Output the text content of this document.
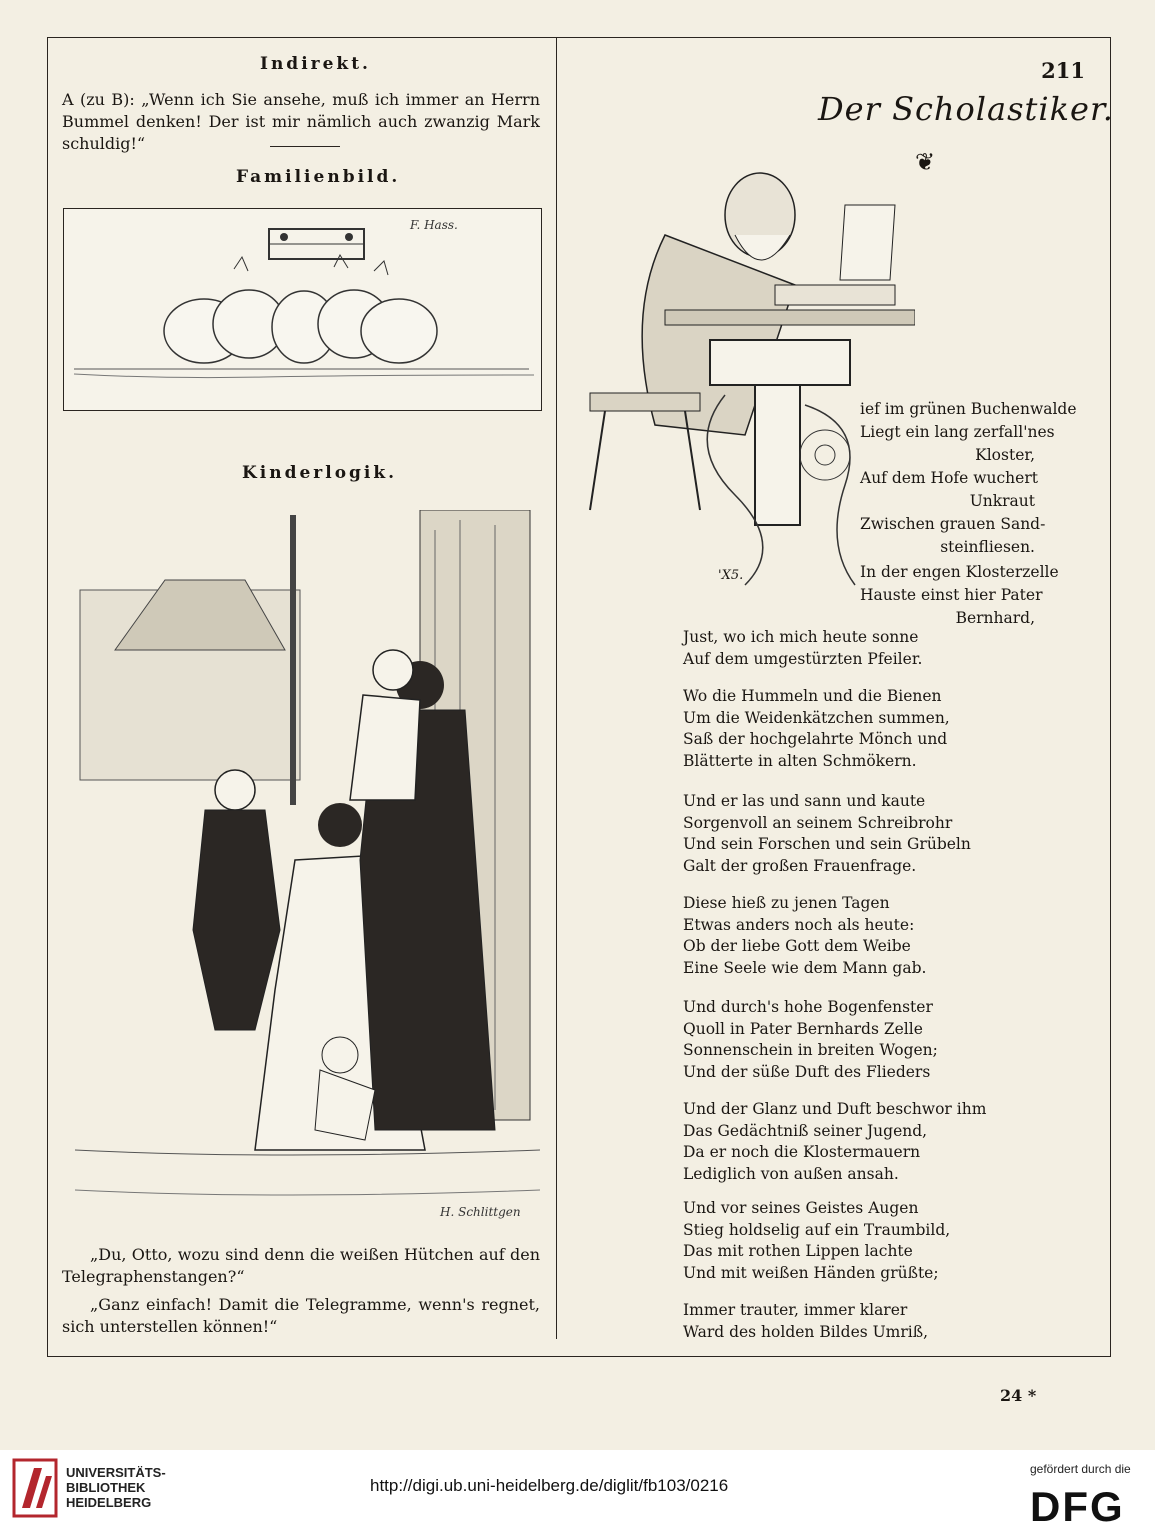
Indirekt.
A (zu B): „Wenn ich Sie ansehe, muß ich immer an Herrn Bummel denken! Der ist mir nämlich auch zwanzig Mark schuldig!“
Familienbild.
F. Hass.
Kinderlogik.
H. Schlittgen
„Du, Otto, wozu sind denn die weißen Hütchen auf den Telegraphenstangen?“
„Ganz einfach! Damit die Telegramme, wenn's regnet, sich unterstellen können!“
211
Der Scholastiker.
❦
'X5.
ief im grünen Buchenwalde
Liegt ein lang zerfall'nes
Kloster,
Auf dem Hofe wuchert
Unkraut
Zwischen grauen Sand-
steinfliesen.
In der engen Klosterzelle
Hauste einst hier Pater
Bernhard,
Just, wo ich mich heute sonne
Auf dem umgestürzten Pfeiler.
Wo die Hummeln und die Bienen
Um die Weidenkätzchen summen,
Saß der hochgelahrte Mönch und
Blätterte in alten Schmökern.
Und er las und sann und kaute
Sorgenvoll an seinem Schreibrohr
Und sein Forschen und sein Grübeln
Galt der großen Frauenfrage.
Diese hieß zu jenen Tagen
Etwas anders noch als heute:
Ob der liebe Gott dem Weibe
Eine Seele wie dem Mann gab.
Und durch's hohe Bogenfenster
Quoll in Pater Bernhards Zelle
Sonnenschein in breiten Wogen;
Und der süße Duft des Flieders
Und der Glanz und Duft beschwor ihm
Das Gedächtniß seiner Jugend,
Da er noch die Klostermauern
Lediglich von außen ansah.
Und vor seines Geistes Augen
Stieg holdselig auf ein Traumbild,
Das mit rothen Lippen lachte
Und mit weißen Händen grüßte;
Immer trauter, immer klarer
Ward des holden Bildes Umriß,
24 *
UNIVERSITÄTS-
BIBLIOTHEK
HEIDELBERG
http://digi.ub.uni-heidelberg.de/diglit/fb103/0216
gefördert durch die
DFG
